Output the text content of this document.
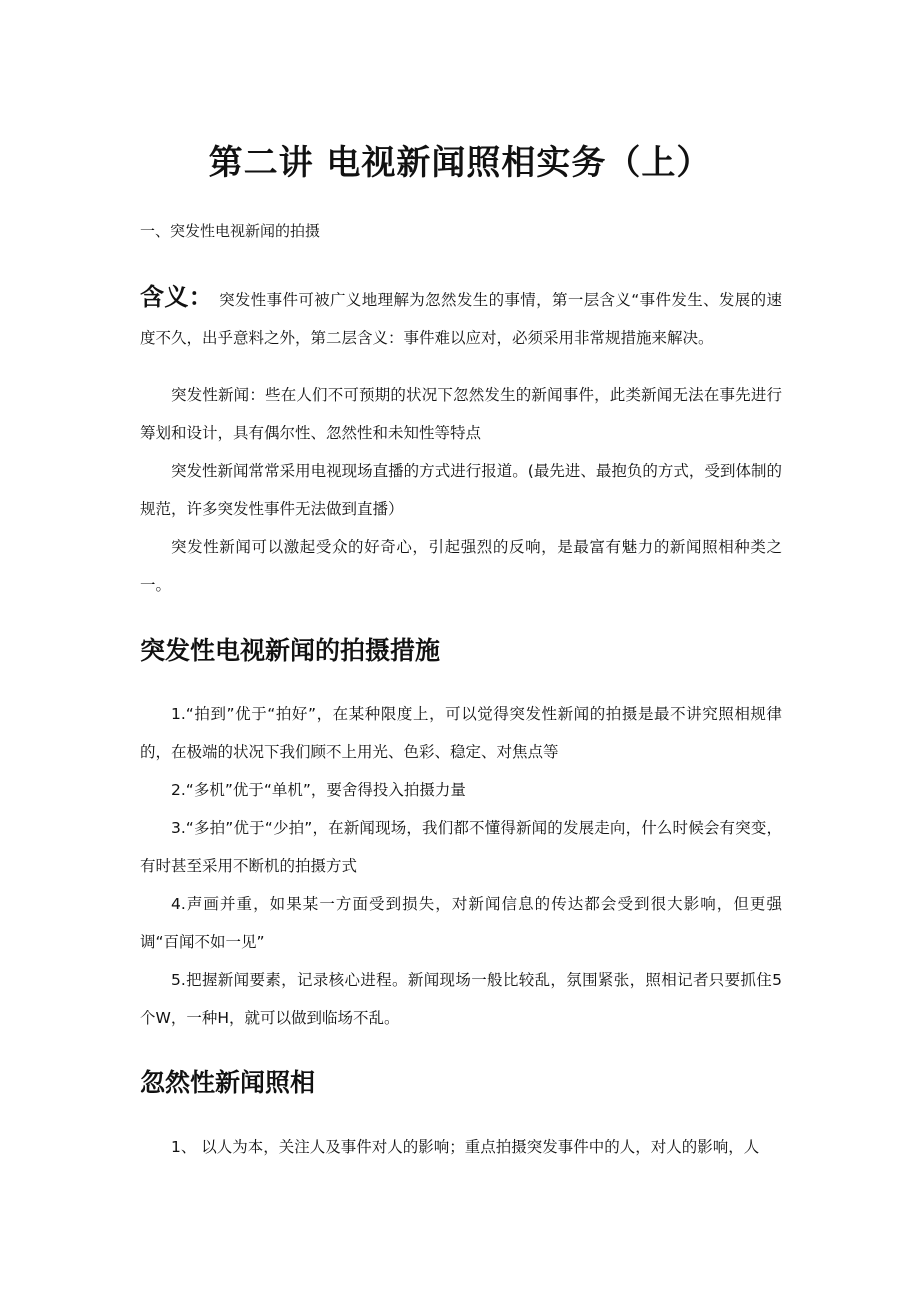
第二讲 电视新闻照相实务（上）

一、突发性电视新闻的拍摄

含义： 突发性事件可被广义地理解为忽然发生的事情，第一层含义“事件发生、发展的速度不久，出乎意料之外，第二层含义：事件难以应对，必须采用非常规措施来解决。

突发性新闻：些在人们不可预期的状况下忽然发生的新闻事件，此类新闻无法在事先进行筹划和设计，具有偶尔性、忽然性和未知性等特点

突发性新闻常常采用电视现场直播的方式进行报道。(最先进、最抱负的方式，受到体制的规范，许多突发性事件无法做到直播）

突发性新闻可以激起受众的好奇心，引起强烈的反响，是最富有魅力的新闻照相种类之一。

突发性电视新闻的拍摄措施

1.“拍到”优于“拍好”，在某种限度上，可以觉得突发性新闻的拍摄是最不讲究照相规律的，在极端的状况下我们顾不上用光、色彩、稳定、对焦点等

2.“多机”优于“单机”，要舍得投入拍摄力量

3.“多拍”优于“少拍”，在新闻现场，我们都不懂得新闻的发展走向，什么时候会有突变，有时甚至采用不断机的拍摄方式

4.声画并重，如果某一方面受到损失，对新闻信息的传达都会受到很大影响，但更强调“百闻不如一见”

5.把握新闻要素，记录核心进程。新闻现场一般比较乱，氛围紧张，照相记者只要抓住5个W，一种H，就可以做到临场不乱。

忽然性新闻照相

1、 以人为本，关注人及事件对人的影响；重点拍摄突发事件中的人，对人的影响，人
